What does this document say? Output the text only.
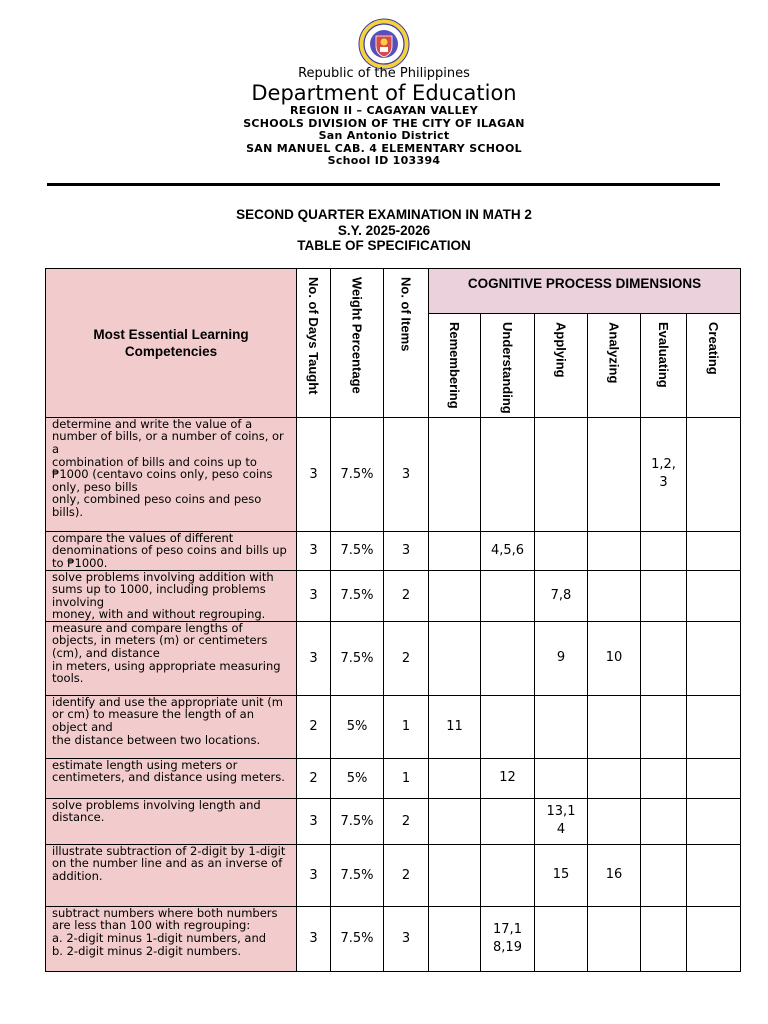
Republic of the Philippines
Department of Education
REGION II – CAGAYAN VALLEY
SCHOOLS DIVISION OF THE CITY OF ILAGAN
San Antonio District
SAN MANUEL CAB. 4 ELEMENTARY SCHOOL
School ID 103394
SECOND QUARTER EXAMINATION IN MATH 2
S.Y. 2025-2026
TABLE OF SPECIFICATION
Most Essential Learning Competencies	No. of Days Taught	Weight Percentage	No. of Items	COGNITIVE PROCESS DIMENSIONS					
				Remembering	Understanding	Applying	Analyzing	Evaluating	Creating
determine and write the value of a number of bills, or a number of coins, or a
combination of bills and coins up to ₱1000 (centavo coins only, peso coins only, peso bills
only, combined peso coins and peso bills).	3	7.5%	3					1,2,
3	
compare the values of different denominations of peso coins and bills up to ₱1000.	3	7.5%	3		4,5,6				
solve problems involving addition with sums up to 1000, including problems involving
money, with and without regrouping.	3	7.5%	2			7,8			
measure and compare lengths of objects, in meters (m) or centimeters (cm), and distance
in meters, using appropriate measuring tools.	3	7.5%	2			9	10		
identify and use the appropriate unit (m or cm) to measure the length of an object and
the distance between two locations.	2	5%	1	11					
estimate length using meters or centimeters, and distance using meters.	2	5%	1		12				
solve problems involving length and distance.	3	7.5%	2			13,1
4			
illustrate subtraction of 2-digit by 1-digit on the number line and as an inverse of
addition.	3	7.5%	2			15	16		
subtract numbers where both numbers are less than 100 with regrouping:
a. 2-digit minus 1-digit numbers, and
b. 2-digit minus 2-digit numbers.	3	7.5%	3		17,1
8,19				
